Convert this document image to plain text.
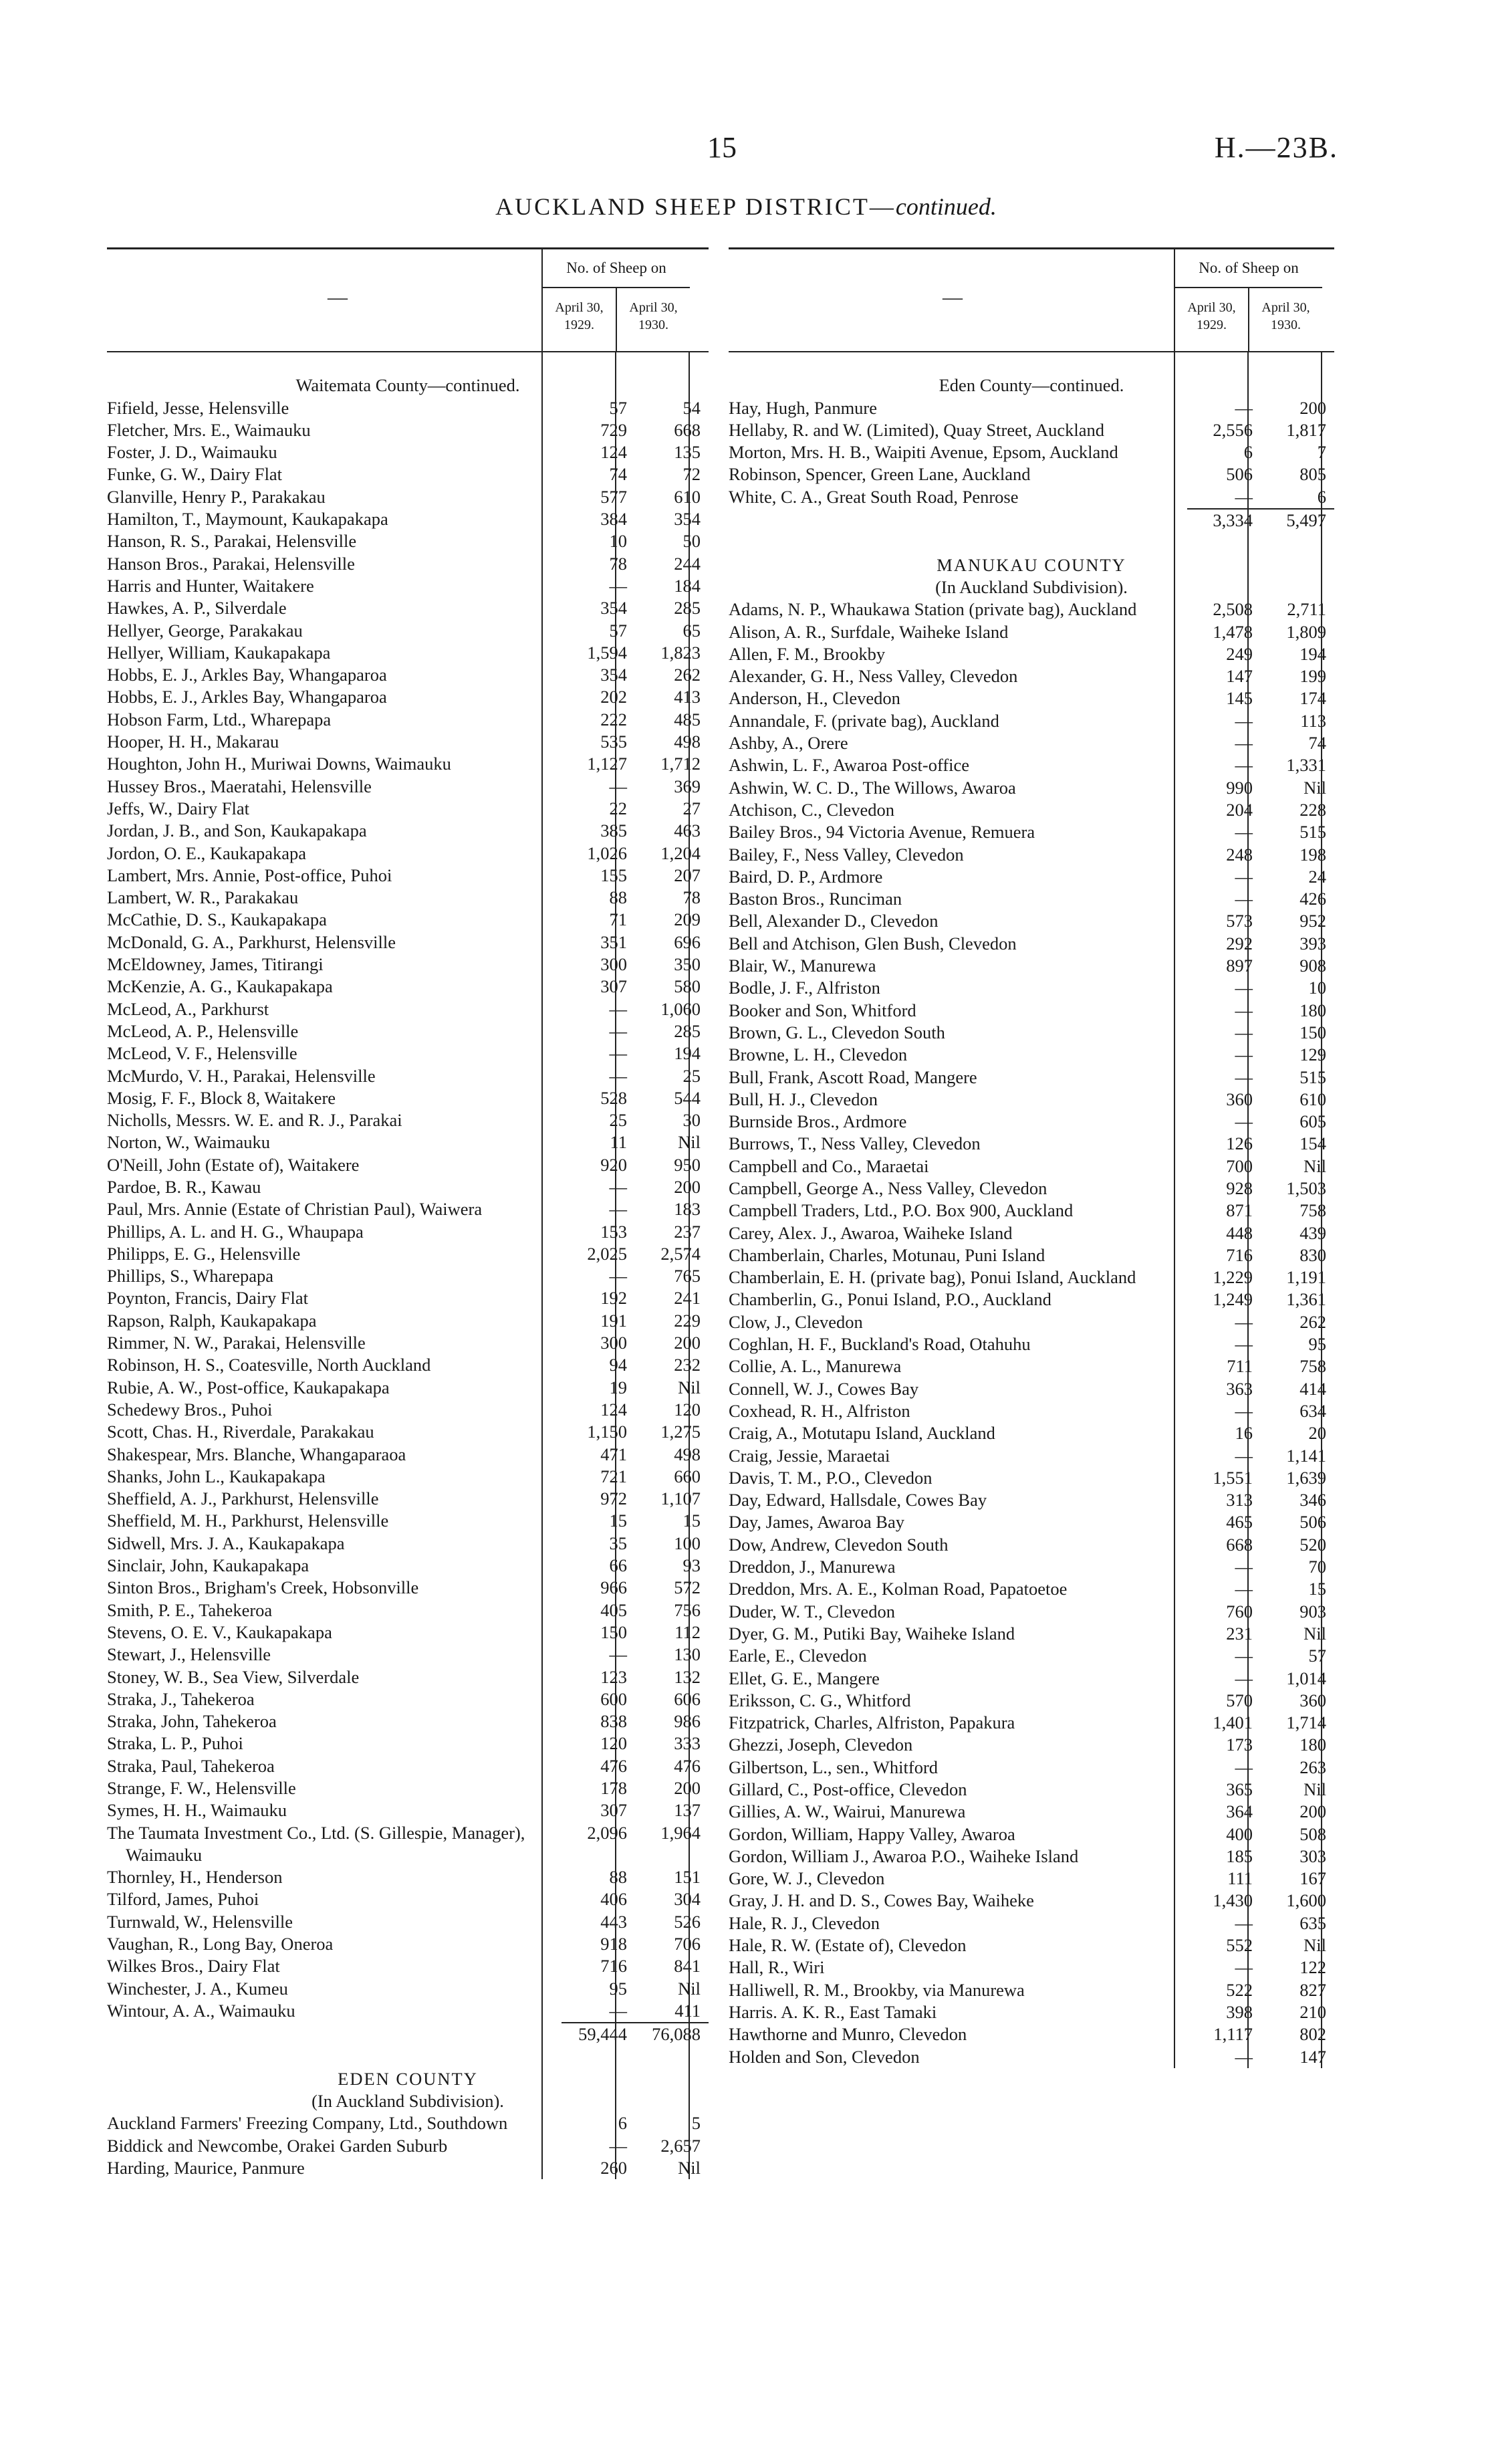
15	H.—23B.
AUCKLAND SHEEP DISTRICT—continued.
—
No. of Sheep on
April 30, 1929.
April 30, 1930.
Waitemata County—continued.
Fifield, Jesse, Helensville	57	54
Fletcher, Mrs. E., Waimauku	729	668
Foster, J. D., Waimauku	124	135
Funke, G. W., Dairy Flat	74	72
Glanville, Henry P., Parakakau	577	610
Hamilton, T., Maymount, Kaukapakapa	384	354
Hanson, R. S., Parakai, Helensville	10	50
Hanson Bros., Parakai, Helensville	78	244
Harris and Hunter, Waitakere	—	184
Hawkes, A. P., Silverdale	354	285
Hellyer, George, Parakakau	57	65
Hellyer, William, Kaukapakapa	1,594	1,823
Hobbs, E. J., Arkles Bay, Whangaparoa	354	262
Hobbs, E. J., Arkles Bay, Whangaparoa	202	413
Hobson Farm, Ltd., Wharepapa	222	485
Hooper, H. H., Makarau	535	498
Houghton, John H., Muriwai Downs, Waimauku	1,127	1,712
Hussey Bros., Maeratahi, Helensville	—	369
Jeffs, W., Dairy Flat	22	27
Jordan, J. B., and Son, Kaukapakapa	385	463
Jordon, O. E., Kaukapakapa	1,026	1,204
Lambert, Mrs. Annie, Post-office, Puhoi	155	207
Lambert, W. R., Parakakau	88	78
McCathie, D. S., Kaukapakapa	71	209
McDonald, G. A., Parkhurst, Helensville	351	696
McEldowney, James, Titirangi	300	350
McKenzie, A. G., Kaukapakapa	307	580
McLeod, A., Parkhurst	—	1,060
McLeod, A. P., Helensville	—	285
McLeod, V. F., Helensville	—	194
McMurdo, V. H., Parakai, Helensville	—	25
Mosig, F. F., Block 8, Waitakere	528	544
Nicholls, Messrs. W. E. and R. J., Parakai	25	30
Norton, W., Waimauku	11	Nil
O'Neill, John (Estate of), Waitakere	920	950
Pardoe, B. R., Kawau	—	200
Paul, Mrs. Annie (Estate of Christian Paul), Waiwera	—	183
Phillips, A. L. and H. G., Whaupapa	153	237
Philipps, E. G., Helensville	2,025	2,574
Phillips, S., Wharepapa	—	765
Poynton, Francis, Dairy Flat	192	241
Rapson, Ralph, Kaukapakapa	191	229
Rimmer, N. W., Parakai, Helensville	300	200
Robinson, H. S., Coatesville, North Auckland	94	232
Rubie, A. W., Post-office, Kaukapakapa	19	Nil
Schedewy Bros., Puhoi	124	120
Scott, Chas. H., Riverdale, Parakakau	1,150	1,275
Shakespear, Mrs. Blanche, Whangaparaoa	471	498
Shanks, John L., Kaukapakapa	721	660
Sheffield, A. J., Parkhurst, Helensville	972	1,107
Sheffield, M. H., Parkhurst, Helensville	15	15
Sidwell, Mrs. J. A., Kaukapakapa	35	100
Sinclair, John, Kaukapakapa	66	93
Sinton Bros., Brigham's Creek, Hobsonville	966	572
Smith, P. E., Tahekeroa	405	756
Stevens, O. E. V., Kaukapakapa	150	112
Stewart, J., Helensville	—	130
Stoney, W. B., Sea View, Silverdale	123	132
Straka, J., Tahekeroa	600	606
Straka, John, Tahekeroa	838	986
Straka, L. P., Puhoi	120	333
Straka, Paul, Tahekeroa	476	476
Strange, F. W., Helensville	178	200
Symes, H. H., Waimauku	307	137
The Taumata Investment Co., Ltd. (S. Gillespie, Manager), Waimauku
2,096	1,964
Thornley, H., Henderson	88	151
Tilford, James, Puhoi	406	304
Turnwald, W., Helensville	443	526
Vaughan, R., Long Bay, Oneroa	918	706
Wilkes Bros., Dairy Flat	716	841
Winchester, J. A., Kumeu	95	Nil
Wintour, A. A., Waimauku	—	411
59,444	76,088
EDEN COUNTY
(In Auckland Subdivision).
Auckland Farmers' Freezing Company, Ltd., Southdown	6	5
Biddick and Newcombe, Orakei Garden Suburb	—	2,657
Harding, Maurice, Panmure	260	Nil
—
No. of Sheep on
April 30, 1929.
April 30, 1930.
Eden County—continued.
Hay, Hugh, Panmure	—	200
Hellaby, R. and W. (Limited), Quay Street, Auckland	2,556	1,817
Morton, Mrs. H. B., Waipiti Avenue, Epsom, Auckland	6	7
Robinson, Spencer, Green Lane, Auckland	506	805
White, C. A., Great South Road, Penrose	—	6
3,334	5,497
MANUKAU COUNTY
(In Auckland Subdivision).
Adams, N. P., Whaukawa Station (private bag), Auckland	2,508	2,711
Alison, A. R., Surfdale, Waiheke Island	1,478	1,809
Allen, F. M., Brookby	249	194
Alexander, G. H., Ness Valley, Clevedon	147	199
Anderson, H., Clevedon	145	174
Annandale, F. (private bag), Auckland	—	113
Ashby, A., Orere	—	74
Ashwin, L. F., Awaroa Post-office	—	1,331
Ashwin, W. C. D., The Willows, Awaroa	990	Nil
Atchison, C., Clevedon	204	228
Bailey Bros., 94 Victoria Avenue, Remuera	—	515
Bailey, F., Ness Valley, Clevedon	248	198
Baird, D. P., Ardmore	—	24
Baston Bros., Runciman	—	426
Bell, Alexander D., Clevedon	573	952
Bell and Atchison, Glen Bush, Clevedon	292	393
Blair, W., Manurewa	897	908
Bodle, J. F., Alfriston	—	10
Booker and Son, Whitford	—	180
Brown, G. L., Clevedon South	—	150
Browne, L. H., Clevedon	—	129
Bull, Frank, Ascott Road, Mangere	—	515
Bull, H. J., Clevedon	360	610
Burnside Bros., Ardmore	—	605
Burrows, T., Ness Valley, Clevedon	126	154
Campbell and Co., Maraetai	700	Nil
Campbell, George A., Ness Valley, Clevedon	928	1,503
Campbell Traders, Ltd., P.O. Box 900, Auckland	871	758
Carey, Alex. J., Awaroa, Waiheke Island	448	439
Chamberlain, Charles, Motunau, Puni Island	716	830
Chamberlain, E. H. (private bag), Ponui Island, Auckland	1,229	1,191
Chamberlin, G., Ponui Island, P.O., Auckland	1,249	1,361
Clow, J., Clevedon	—	262
Coghlan, H. F., Buckland's Road, Otahuhu	—	95
Collie, A. L., Manurewa	711	758
Connell, W. J., Cowes Bay	363	414
Coxhead, R. H., Alfriston	—	634
Craig, A., Motutapu Island, Auckland	16	20
Craig, Jessie, Maraetai	—	1,141
Davis, T. M., P.O., Clevedon	1,551	1,639
Day, Edward, Hallsdale, Cowes Bay	313	346
Day, James, Awaroa Bay	465	506
Dow, Andrew, Clevedon South	668	520
Dreddon, J., Manurewa	—	70
Dreddon, Mrs. A. E., Kolman Road, Papatoetoe	—	15
Duder, W. T., Clevedon	760	903
Dyer, G. M., Putiki Bay, Waiheke Island	231	Nil
Earle, E., Clevedon	—	57
Ellet, G. E., Mangere	—	1,014
Eriksson, C. G., Whitford	570	360
Fitzpatrick, Charles, Alfriston, Papakura	1,401	1,714
Ghezzi, Joseph, Clevedon	173	180
Gilbertson, L., sen., Whitford	—	263
Gillard, C., Post-office, Clevedon	365	Nil
Gillies, A. W., Wairui, Manurewa	364	200
Gordon, William, Happy Valley, Awaroa	400	508
Gordon, William J., Awaroa P.O., Waiheke Island	185	303
Gore, W. J., Clevedon	111	167
Gray, J. H. and D. S., Cowes Bay, Waiheke	1,430	1,600
Hale, R. J., Clevedon	—	635
Hale, R. W. (Estate of), Clevedon	552	Nil
Hall, R., Wiri	—	122
Halliwell, R. M., Brookby, via Manurewa	522	827
Harris. A. K. R., East Tamaki	398	210
Hawthorne and Munro, Clevedon	1,117	802
Holden and Son, Clevedon	—	147
